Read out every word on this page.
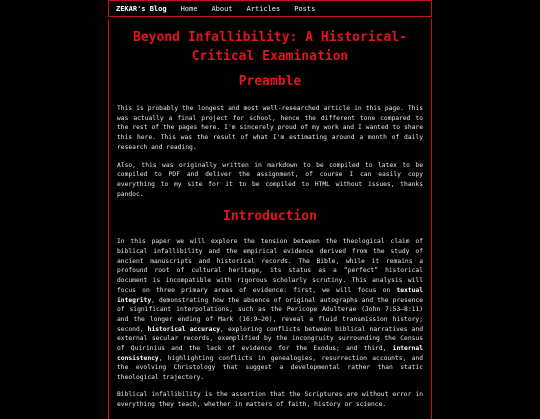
ZEKAR's Blog Home About Articles Posts
Beyond Infallibility: A Historical-Critical Examination
Preamble

This is probably the longest and most well-researched article in this page. This was actually a final project for school, hence the different tone compared to the rest of the pages here. I'm sincerely proud of my work and I wanted to share this here. This was the result of what I'm estimating around a month of daily research and reading.

Also, this was originally written in markdown to be compiled to latex to be compiled to PDF and deliver the assignment, of course I can easily copy everything to my site for it to be compiled to HTML without issues, thanks pandoc.

Introduction

In this paper we will explore the tension between the theological claim of biblical infallibility and the empirical evidence derived from the study of ancient manuscripts and historical records. The Bible, while it remains a profound root of cultural heritage, its status as a “perfect” historical document is incompatible with rigorous scholarly scrutiny. This analysis will focus on three primary areas of evidence: first, we will focus on textual integrity, demonstrating how the absence of original autographs and the presence of significant interpolations, such as the Pericope Adulterae (John 7:53–8:11) and the longer ending of Mark (16:9–20), reveal a fluid transmission history; second, historical accuracy, exploring conflicts between biblical narratives and external secular records, exemplified by the incongruity surrounding the Census of Quirinius and the lack of evidence for the Exodus; and third, internal consistency, highlighting conflicts in genealogies, resurrection accounts, and the evolving Christology that suggest a developmental rather than static theological trajectory.

Biblical infallibility is the assertion that the Scriptures are without error in everything they teach, whether in matters of faith, history or science.
